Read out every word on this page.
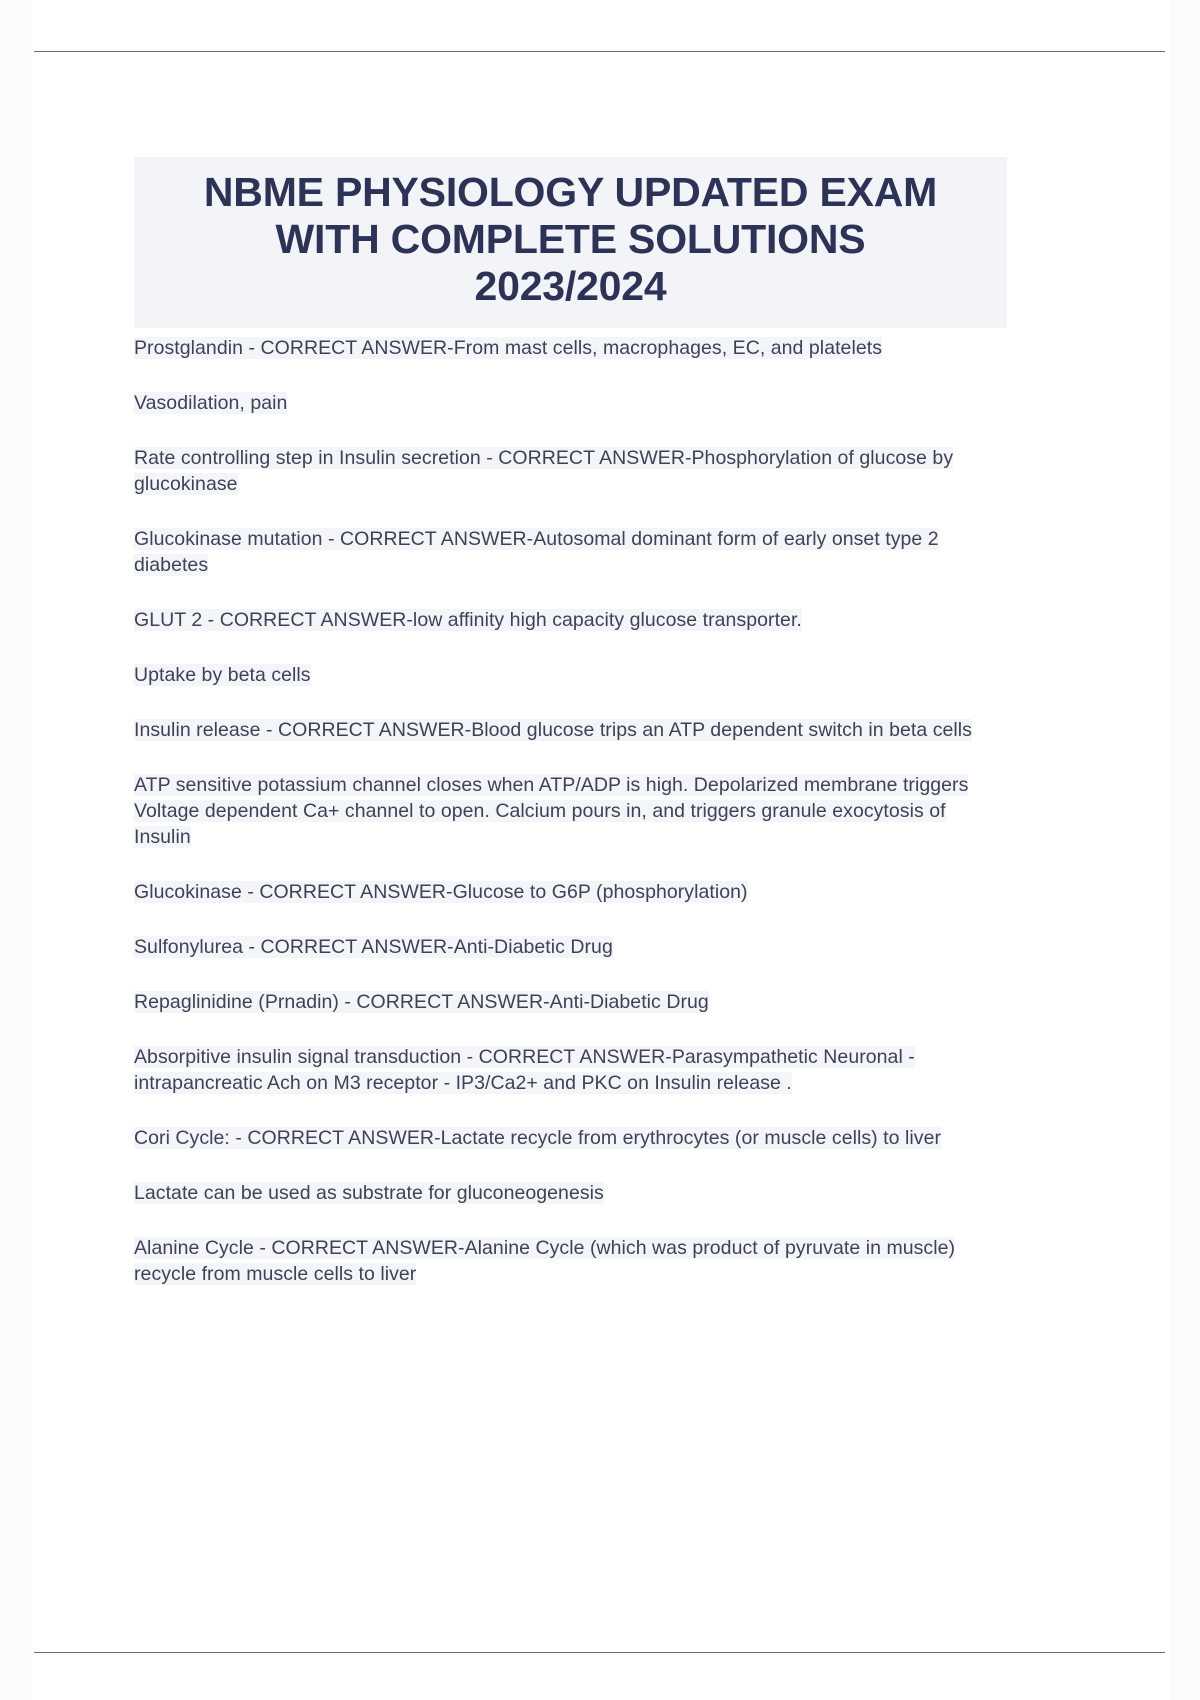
NBME PHYSIOLOGY UPDATED EXAM
WITH COMPLETE SOLUTIONS
2023/2024

Prostglandin - CORRECT ANSWER-From mast cells, macrophages, EC, and platelets

Vasodilation, pain

Rate controlling step in Insulin secretion - CORRECT ANSWER-Phosphorylation of glucose by glucokinase

Glucokinase mutation - CORRECT ANSWER-Autosomal dominant form of early onset type 2 diabetes

GLUT 2 - CORRECT ANSWER-low affinity high capacity glucose transporter.

Uptake by beta cells

Insulin release - CORRECT ANSWER-Blood glucose trips an ATP dependent switch in beta cells

ATP sensitive potassium channel closes when ATP/ADP is high. Depolarized membrane triggers Voltage dependent Ca+ channel to open. Calcium pours in, and triggers granule exocytosis of Insulin

Glucokinase - CORRECT ANSWER-Glucose to G6P (phosphorylation)

Sulfonylurea - CORRECT ANSWER-Anti-Diabetic Drug

Repaglinidine (Prnadin) - CORRECT ANSWER-Anti-Diabetic Drug

Absorpitive insulin signal transduction - CORRECT ANSWER-Parasympathetic Neuronal - intrapancreatic Ach on M3 receptor - IP3/Ca2+ and PKC on Insulin release .

Cori Cycle: - CORRECT ANSWER-Lactate recycle from erythrocytes (or muscle cells) to liver

Lactate can be used as substrate for gluconeogenesis

Alanine Cycle - CORRECT ANSWER-Alanine Cycle (which was product of pyruvate in muscle) recycle from muscle cells to liver
